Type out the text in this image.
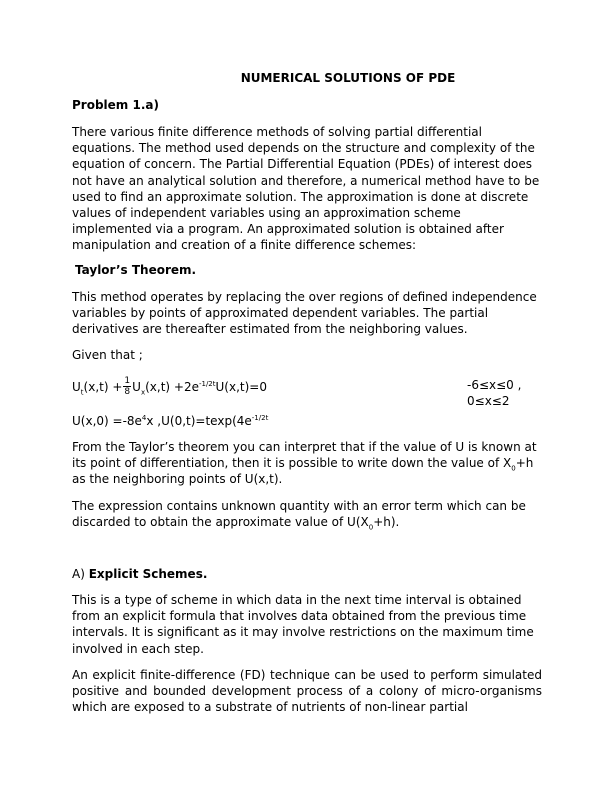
NUMERICAL SOLUTIONS OF PDE

Problem 1.a)

There various finite difference methods of solving partial differential equations. The method used depends on the structure and complexity of the equation of concern. The Partial Differential Equation (PDEs) of interest does not have an analytical solution and therefore, a numerical method have to be used to find an approximate solution. The approximation is done at discrete values of independent variables using an approximation scheme implemented via a program. An approximated solution is obtained after manipulation and creation of a finite difference schemes:

Taylor’s Theorem.

This method operates by replacing the over regions of defined independence variables by points of approximated dependent variables. The partial derivatives are thereafter estimated from the neighboring values.

Given that ;

$U_t(x,t) + \frac{1}{8} U_x(x,t) +2e^{-1/2t}U(x,t)=0$	-6≤x≤0 , 0≤x≤2

$U(x,0) =-8e^4x$ $,U(0,t)=texp(4e^{-1/2t}$

From the Taylor’s theorem you can interpret that if the value of U is known at its point of differentiation, then it is possible to write down the value of $X_0+h$ as the neighboring points of U(x,t).

The expression contains unknown quantity with an error term which can be discarded to obtain the approximate value of $U(X_0+h)$.

A) Explicit Schemes.

This is a type of scheme in which data in the next time interval is obtained from an explicit formula that involves data obtained from the previous time intervals. It is significant as it may involve restrictions on the maximum time involved in each step.

An explicit finite-difference (FD) technique can be used to perform simulated positive and bounded development process of a colony of micro-organisms which are exposed to a substrate of nutrients of non-linear partial
